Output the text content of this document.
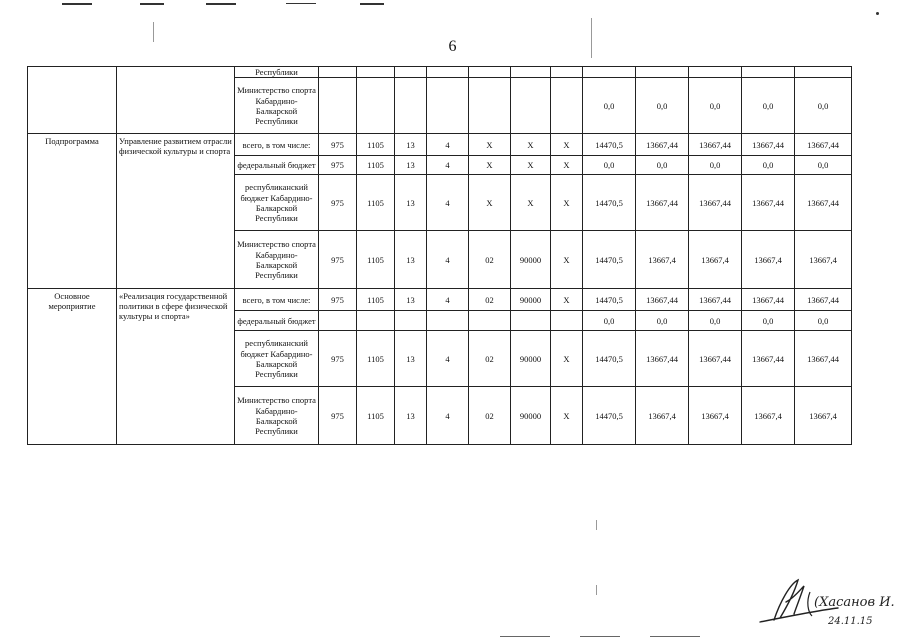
6
		Республики												
		Министерство спорта Кабардино-Балкарской Республики								0,0	0,0	0,0	0,0	0,0
Подпрограмма	Управление развитием отрасли физической культуры и спорта	всего, в том числе:	975	1105	13	4	X	X	X	14470,5	13667,44	13667,44	13667,44	13667,44
		федеральный бюджет	975	1105	13	4	X	X	X	0,0	0,0	0,0	0,0	0,0
		республиканский бюджет Кабардино-Балкарской Республики	975	1105	13	4	X	X	X	14470,5	13667,44	13667,44	13667,44	13667,44
		Министерство спорта Кабардино-Балкарской Республики	975	1105	13	4	02	90000	X	14470,5	13667,4	13667,4	13667,4	13667,4
Основное мероприятие	«Реализация государственной политики в сфере физической культуры и спорта»	всего, в том числе:	975	1105	13	4	02	90000	X	14470,5	13667,44	13667,44	13667,44	13667,44
		федеральный бюджет								0,0	0,0	0,0	0,0	0,0
		республиканский бюджет Кабардино-Балкарской Республики	975	1105	13	4	02	90000	X	14470,5	13667,44	13667,44	13667,44	13667,44
		Министерство спорта Кабардино-Балкарской Республики	975	1105	13	4	02	90000	X	14470,5	13667,4	13667,4	13667,4	13667,4
(Хасанов И.
24.11.15
